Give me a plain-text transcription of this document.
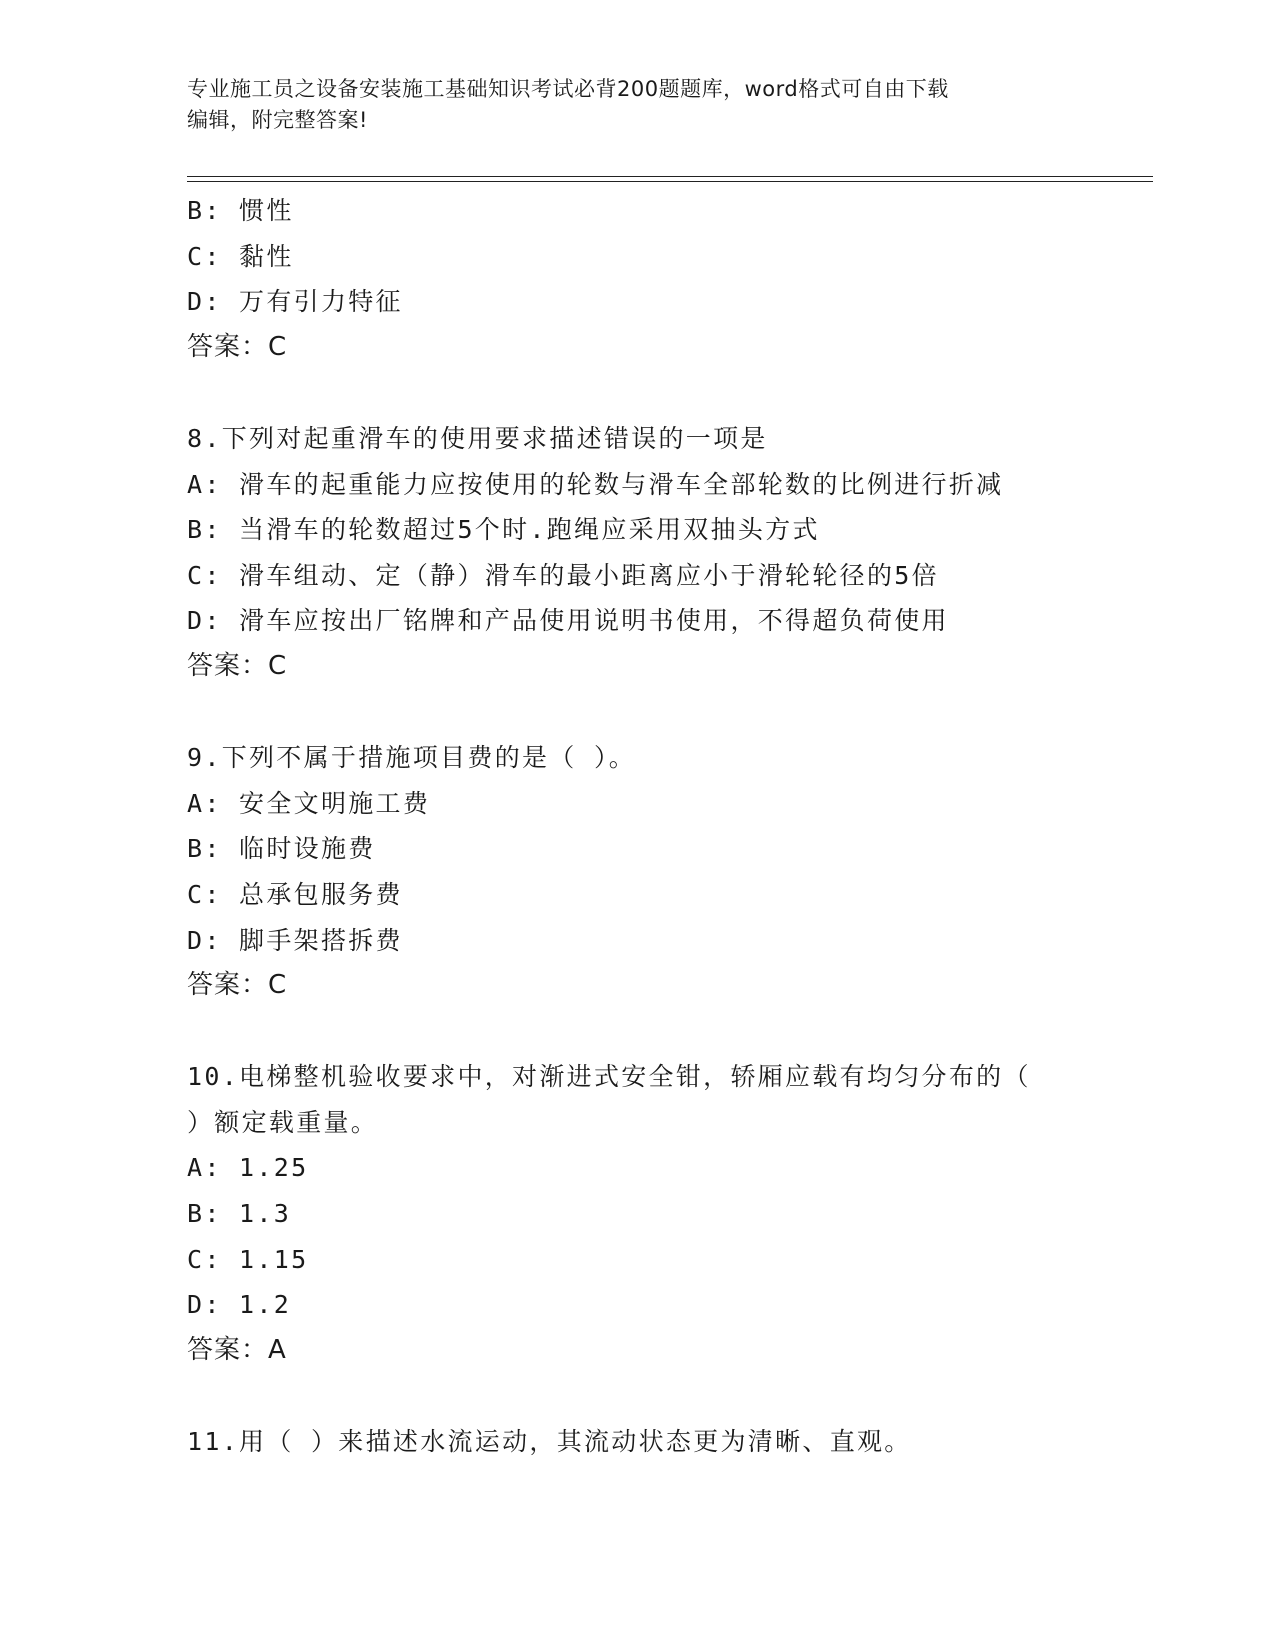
专业施工员之设备安装施工基础知识考试必背200题题库，word格式可自由下载
编辑，附完整答案!
B: 惯性
C: 黏性
D: 万有引力特征
答案：C
8.下列对起重滑车的使用要求描述错误的一项是
A: 滑车的起重能力应按使用的轮数与滑车全部轮数的比例进行折减
B: 当滑车的轮数超过5个时.跑绳应采用双抽头方式
C: 滑车组动、定（静）滑车的最小距离应小于滑轮轮径的5倍
D: 滑车应按出厂铭牌和产品使用说明书使用，不得超负荷使用
答案：C
9.下列不属于措施项目费的是（ ）。
A: 安全文明施工费
B: 临时设施费
C: 总承包服务费
D: 脚手架搭拆费
答案：C
10.电梯整机验收要求中，对渐进式安全钳，轿厢应载有均匀分布的（
）额定载重量。
A: 1.25
B: 1.3
C: 1.15
D: 1.2
答案：A
11.用（ ）来描述水流运动，其流动状态更为清晰、直观。
